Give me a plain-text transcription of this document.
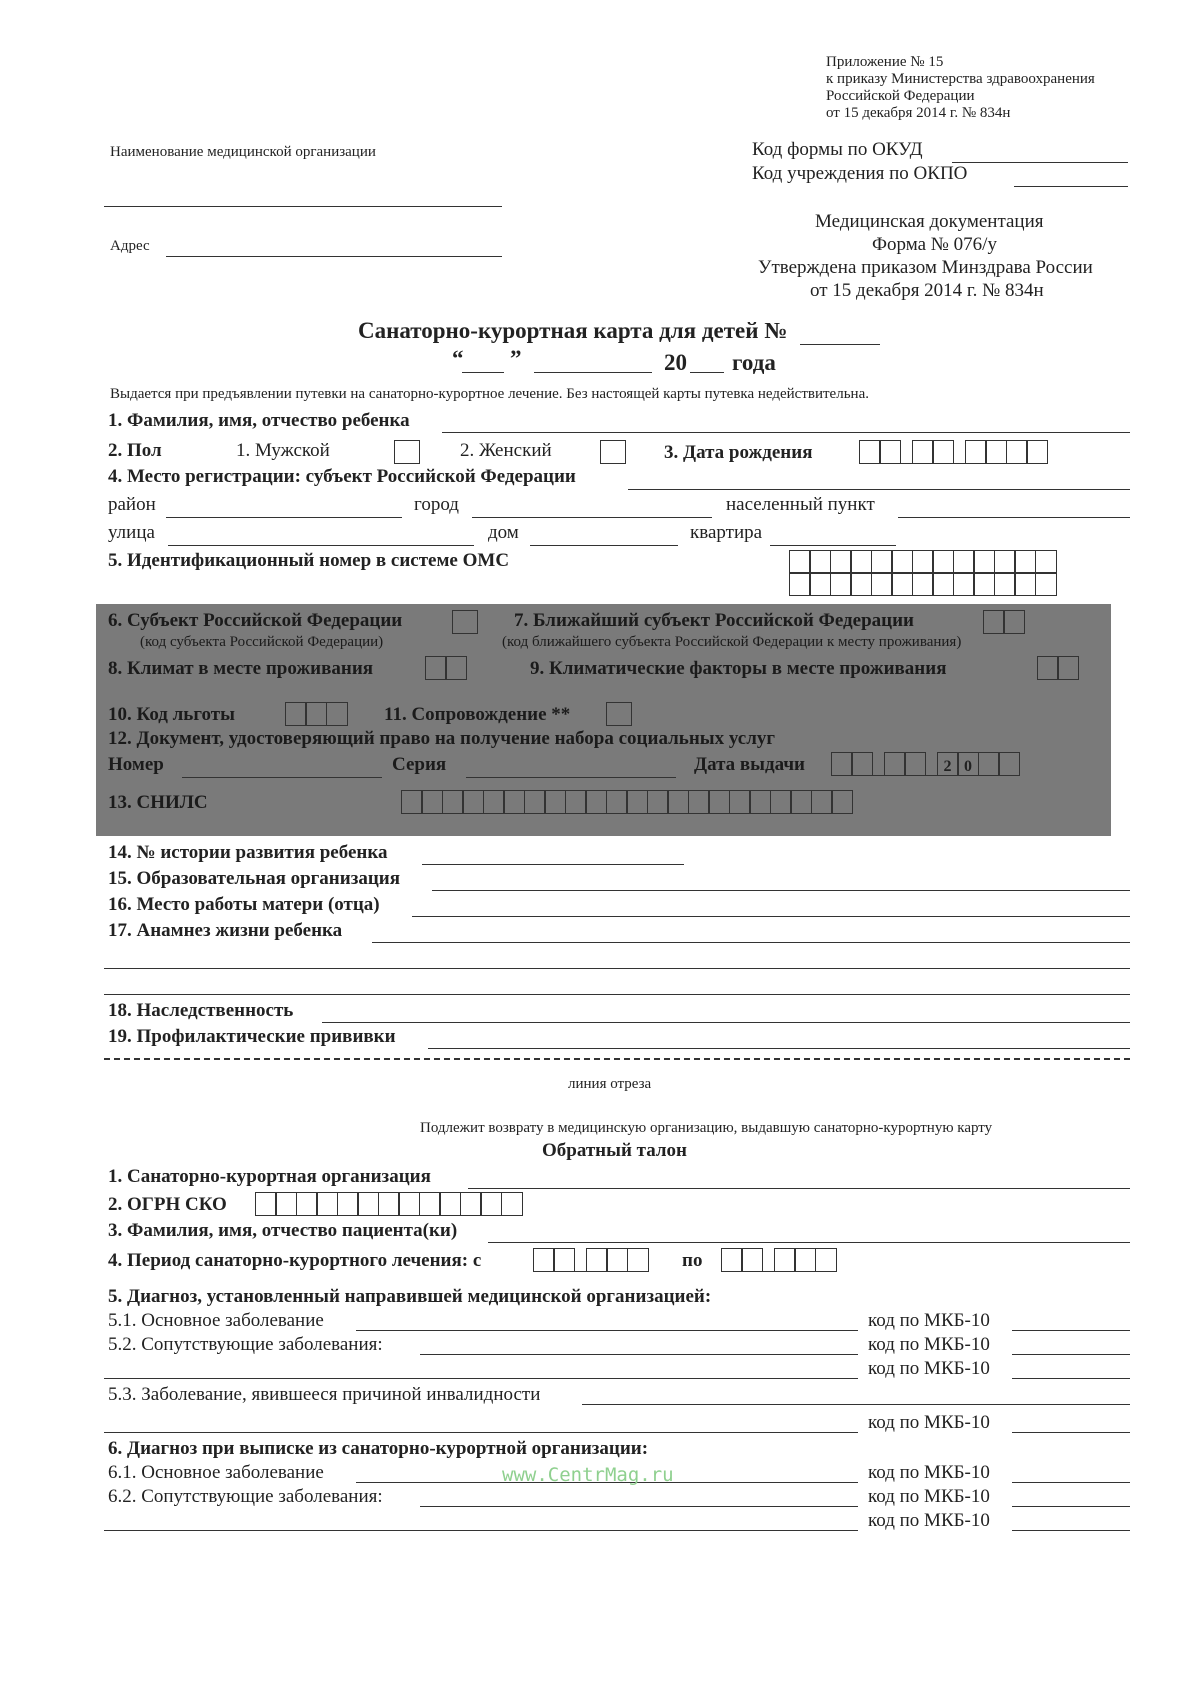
Приложение № 15
к приказу Министерства здравоохранения
Российской Федерации
от 15 декабря 2014 г. № 834н
Наименование медицинской организации
Адрес
Код формы по ОКУД
Код учреждения по ОКПО
Медицинская документация
Форма № 076/у
Утверждена приказом Минздрава России
от 15 декабря 2014 г. № 834н
Санаторно-курортная карта для детей №
“ ”	20 года
Выдается при предъявлении путевки на санаторно-курортное лечение. Без настоящей карты путевка недействительна.
1. Фамилия, имя, отчество ребенка
2. Пол	1. Мужской	2. Женский	3. Дата рождения
4. Место регистрации: субъект Российской Федерации
район	город	населенный пункт
улица	дом	квартира
5. Идентификационный номер в системе ОМС
6. Субъект Российской Федерации
(код субъекта Российской Федерации)
7. Ближайший субъект Российской Федерации
(код ближайшего субъекта Российской Федерации к месту проживания)
8. Климат в месте проживания	9. Климатические факторы в месте проживания
10. Код льготы	11. Сопровождение **
12. Документ, удостоверяющий право на получение набора социальных услуг
Номер	Серия	Дата выдачи	2 0
13. СНИЛС
14. № истории развития ребенка
15. Образовательная организация
16. Место работы матери (отца)
17. Анамнез жизни ребенка
18. Наследственность
19. Профилактические прививки
линия отреза
Подлежит возврату в медицинскую организацию, выдавшую санаторно-курортную карту
Обратный талон
1. Санаторно-курортная организация
2. ОГРН СКО
3. Фамилия, имя, отчество пациента(ки)
4. Период санаторно-курортного лечения: с	по
5. Диагноз, установленный направившей медицинской организацией:
5.1. Основное заболевание	код по МКБ-10
5.2. Сопутствующие заболевания:	код по МКБ-10
код по МКБ-10
5.3. Заболевание, явившееся причиной инвалидности
код по МКБ-10
6. Диагноз при выписке из санаторно-курортной организации:
6.1. Основное заболевание	код по МКБ-10
6.2. Сопутствующие заболевания:	код по МКБ-10
код по МКБ-10
www.CentrMag.ru
